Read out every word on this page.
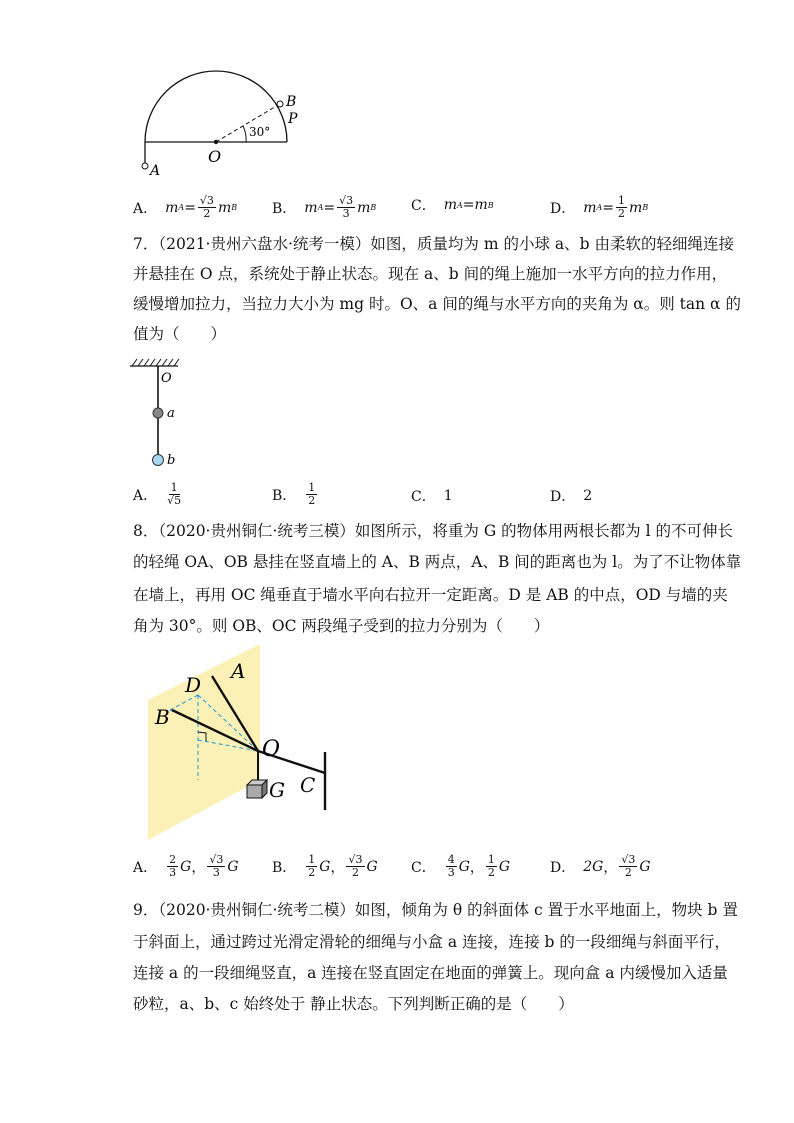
B
P
30°
O
A
A． m $A = \frac{√3}{2}$ m B B． m $A = \frac{√3}{3}$ m B C． m A = m B	D． m $A = \frac{1}{2}$ m B
7．（2021·贵州六盘水·统考一模）如图，质量均为 m 的小球 a、b 由柔软的轻细绳连接
并悬挂在 O 点，系统处于静止状态。现在 a、b 间的绳上施加一水平方向的拉力作用，
缓慢增加拉力，当拉力大小为 mg 时。O、a 间的绳与水平方向的夹角为 α。则 tan α 的
值为（　　）
O
a
b
A． $\frac{1}{√5}$	B． $\frac{1}{2}$	C． 1	D． 2
8．（2020·贵州铜仁·统考三模）如图所示，将重为 G 的物体用两根长都为 l 的不可伸长
的轻绳 OA、OB 悬挂在竖直墙上的 A、B 两点，A、B 间的距离也为 l。为了不让物体靠
在墙上，再用 OC 绳垂直于墙水平向右拉开一定距离。D 是 AB 的中点，OD 与墙的夹
角为 30°。则 OB、OC 两段绳子受到的拉力分别为（　　）
A
D
B
O
C
G
A． $\frac{2}{3}$ G ， $\frac{√3}{3}$ G B． $\frac{1}{2}$ G ， $\frac{√3}{2}$ G C． $\frac{4}{3}$ G ， $\frac{1}{2}$ G	D． 2G ， $\frac{√3}{2}$ G
9．（2020·贵州铜仁·统考二模）如图，倾角为 θ 的斜面体 c 置于水平地面上，物块 b 置
于斜面上，通过跨过光滑定滑轮的细绳与小盒 a 连接，连接 b 的一段细绳与斜面平行，
连接 a 的一段细绳竖直，a 连接在竖直固定在地面的弹簧上。现向盒 a 内缓慢加入适量
砂粒，a、b、c 始终处于 静止状态。下列判断正确的是（　　）
